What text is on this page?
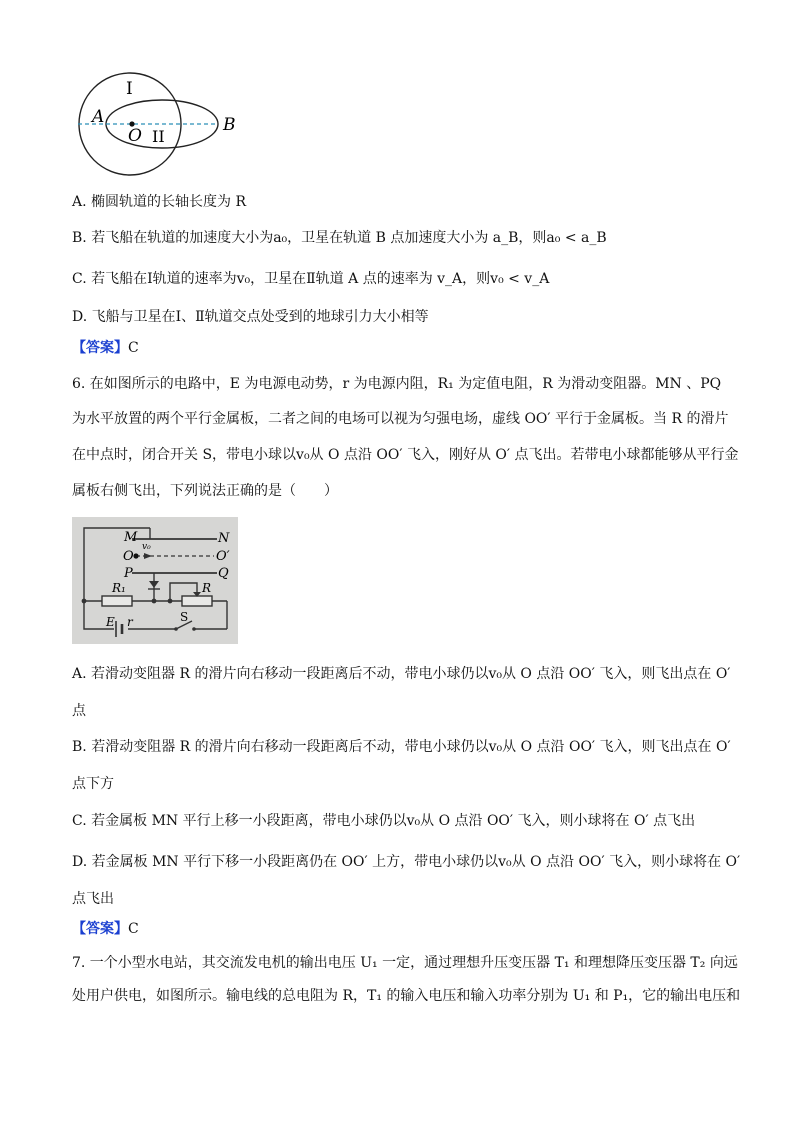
I
A
O II
B
A. 椭圆轨道的长轴长度为 R
B. 若飞船在轨道的加速度大小为a₀，卫星在轨道 B 点加速度大小为 a_B，则a₀ < a_B
C. 若飞船在Ⅰ轨道的速率为v₀，卫星在Ⅱ轨道 A 点的速率为 v_A，则v₀ < v_A
D. 飞船与卫星在Ⅰ、Ⅱ轨道交点处受到的地球引力大小相等
【答案】C
6. 在如图所示的电路中，E 为电源电动势，r 为电源内阻，R₁ 为定值电阻，R 为滑动变阻器。MN 、PQ
为水平放置的两个平行金属板，二者之间的电场可以视为匀强电场，虚线 OO′ 平行于金属板。当 R 的滑片
在中点时，闭合开关 S，带电小球以v₀从 O 点沿 OO′ 飞入，刚好从 O′ 点飞出。若带电小球都能够从平行金
属板右侧飞出，下列说法正确的是（　　）
M	N
v₀
O	O′
P	Q
R₁	R
E r	S
A. 若滑动变阻器 R 的滑片向右移动一段距离后不动，带电小球仍以v₀从 O 点沿 OO′ 飞入，则飞出点在 O′
点
B. 若滑动变阻器 R 的滑片向右移动一段距离后不动，带电小球仍以v₀从 O 点沿 OO′ 飞入，则飞出点在 O′
点下方
C. 若金属板 MN 平行上移一小段距离，带电小球仍以v₀从 O 点沿 OO′ 飞入，则小球将在 O′ 点飞出
D. 若金属板 MN 平行下移一小段距离仍在 OO′ 上方，带电小球仍以v₀从 O 点沿 OO′ 飞入，则小球将在 O′
点飞出
【答案】C
7. 一个小型水电站，其交流发电机的输出电压 U₁ 一定，通过理想升压变压器 T₁ 和理想降压变压器 T₂ 向远
处用户供电，如图所示。输电线的总电阻为 R，T₁ 的输入电压和输入功率分别为 U₁ 和 P₁，它的输出电压和
